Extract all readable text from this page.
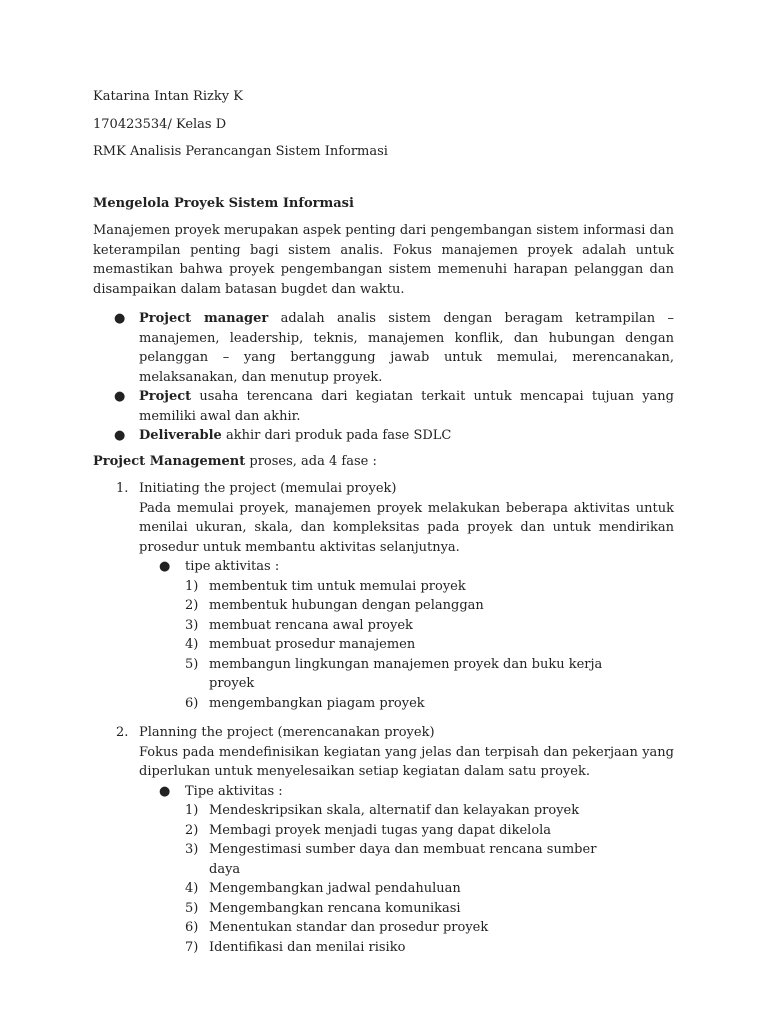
Katarina Intan Rizky K

170423534/ Kelas D

RMK Analisis Perancangan Sistem Informasi

Mengelola Proyek Sistem Informasi

Manajemen proyek merupakan aspek penting dari pengembangan sistem informasi dan keterampilan penting bagi sistem analis. Fokus manajemen proyek adalah untuk memastikan bahwa proyek pengembangan sistem memenuhi harapan pelanggan dan disampaikan dalam batasan bugdet dan waktu.

● Project manager adalah analis sistem dengan beragam ketrampilan – manajemen, leadership, teknis, manajemen konflik, dan hubungan dengan pelanggan – yang bertanggung jawab untuk memulai, merencanakan, melaksanakan, dan menutup proyek.
● Project usaha terencana dari kegiatan terkait untuk mencapai tujuan yang memiliki awal dan akhir.
● Deliverable akhir dari produk pada fase SDLC

Project Management proses, ada 4 fase :

1. Initiating the project (memulai proyek)

Pada memulai proyek, manajemen proyek melakukan beberapa aktivitas untuk menilai ukuran, skala, dan kompleksitas pada proyek dan untuk mendirikan prosedur untuk membantu aktivitas selanjutnya.

● tipe aktivitas :

1) membentuk tim untuk memulai proyek
2) membentuk hubungan dengan pelanggan
3) membuat rencana awal proyek
4) membuat prosedur manajemen
5) membangun lingkungan manajemen proyek dan buku kerja proyek
6) mengembangkan piagam proyek
2. Planning the project (merencanakan proyek)

Fokus pada mendefinisikan kegiatan yang jelas dan terpisah dan pekerjaan yang diperlukan untuk menyelesaikan setiap kegiatan dalam satu proyek.

● Tipe aktivitas :

1) Mendeskripsikan skala, alternatif dan kelayakan proyek
2) Membagi proyek menjadi tugas yang dapat dikelola
3) Mengestimasi sumber daya dan membuat rencana sumber daya
4) Mengembangkan jadwal pendahuluan
5) Mengembangkan rencana komunikasi
6) Menentukan standar dan prosedur proyek
7) Identifikasi dan menilai risiko
